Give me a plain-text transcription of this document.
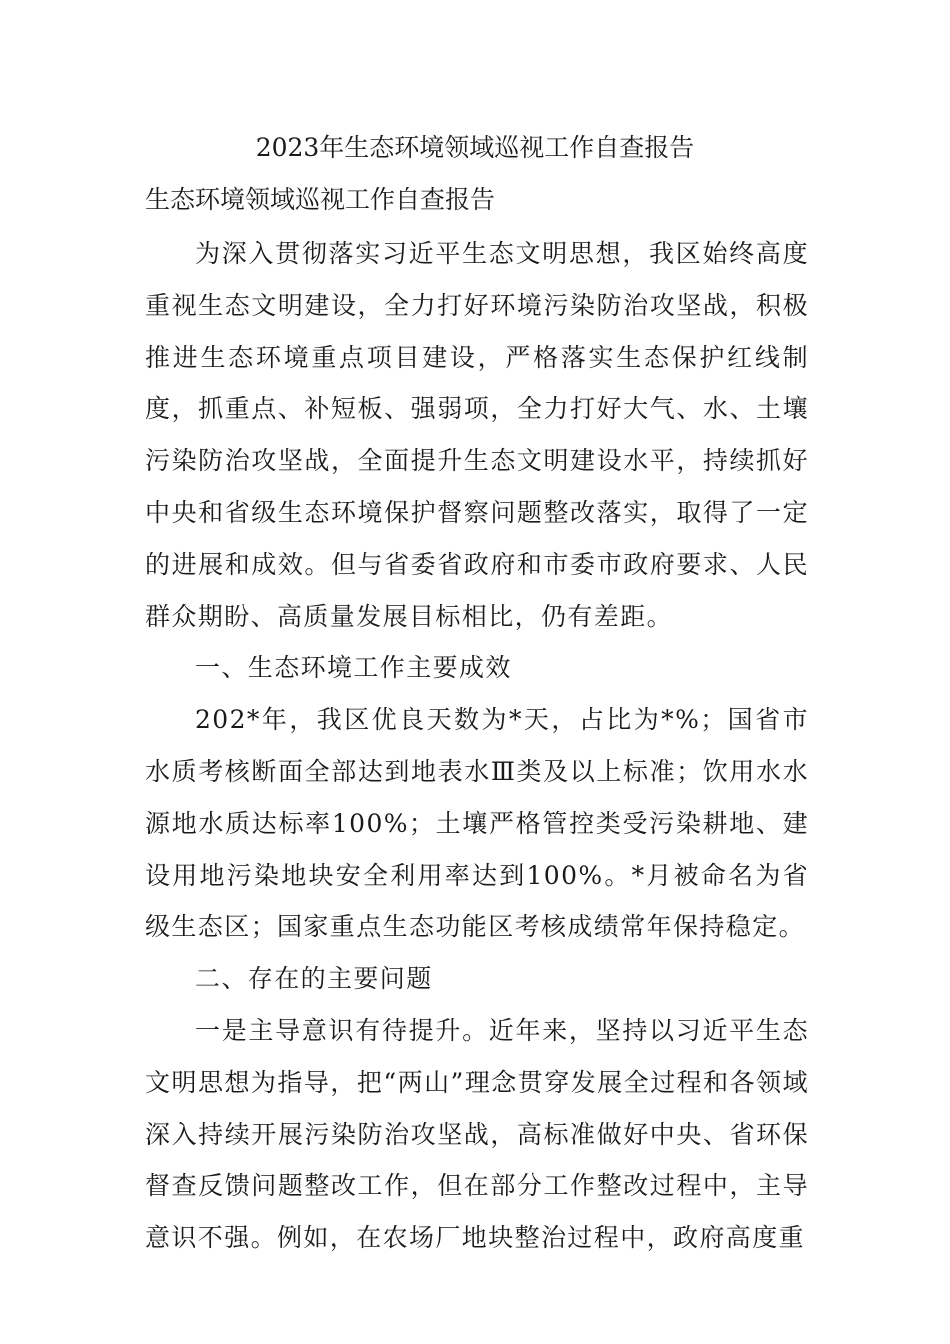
2023年生态环境领域巡视工作自查报告
生态环境领域巡视工作自查报告

为深入贯彻落实习近平生态文明思想，我区始终高度重视生态文明建设，全力打好环境污染防治攻坚战，积极推进生态环境重点项目建设，严格落实生态保护红线制度，抓重点、补短板、强弱项，全力打好大气、水、土壤污染防治攻坚战，全面提升生态文明建设水平，持续抓好中央和省级生态环境保护督察问题整改落实，取得了一定的进展和成效。但与省委省政府和市委市政府要求、人民群众期盼、高质量发展目标相比，仍有差距。

一、生态环境工作主要成效

202*年，我区优良天数为*天，占比为*%；国省市水质考核断面全部达到地表水Ⅲ类及以上标准；饮用水水源地水质达标率100%；土壤严格管控类受污染耕地、建设用地污染地块安全利用率达到100%。*月被命名为省级生态区；国家重点生态功能区考核成绩常年保持稳定。

二、存在的主要问题

一是主导意识有待提升。近年来，坚持以习近平生态文明思想为指导，把“两山”理念贯穿发展全过程和各领域深入持续开展污染防治攻坚战，高标准做好中央、省环保督查反馈问题整改工作，但在部分工作整改过程中，主导意识不强。例如，在农场厂地块整治过程中，政府高度重
